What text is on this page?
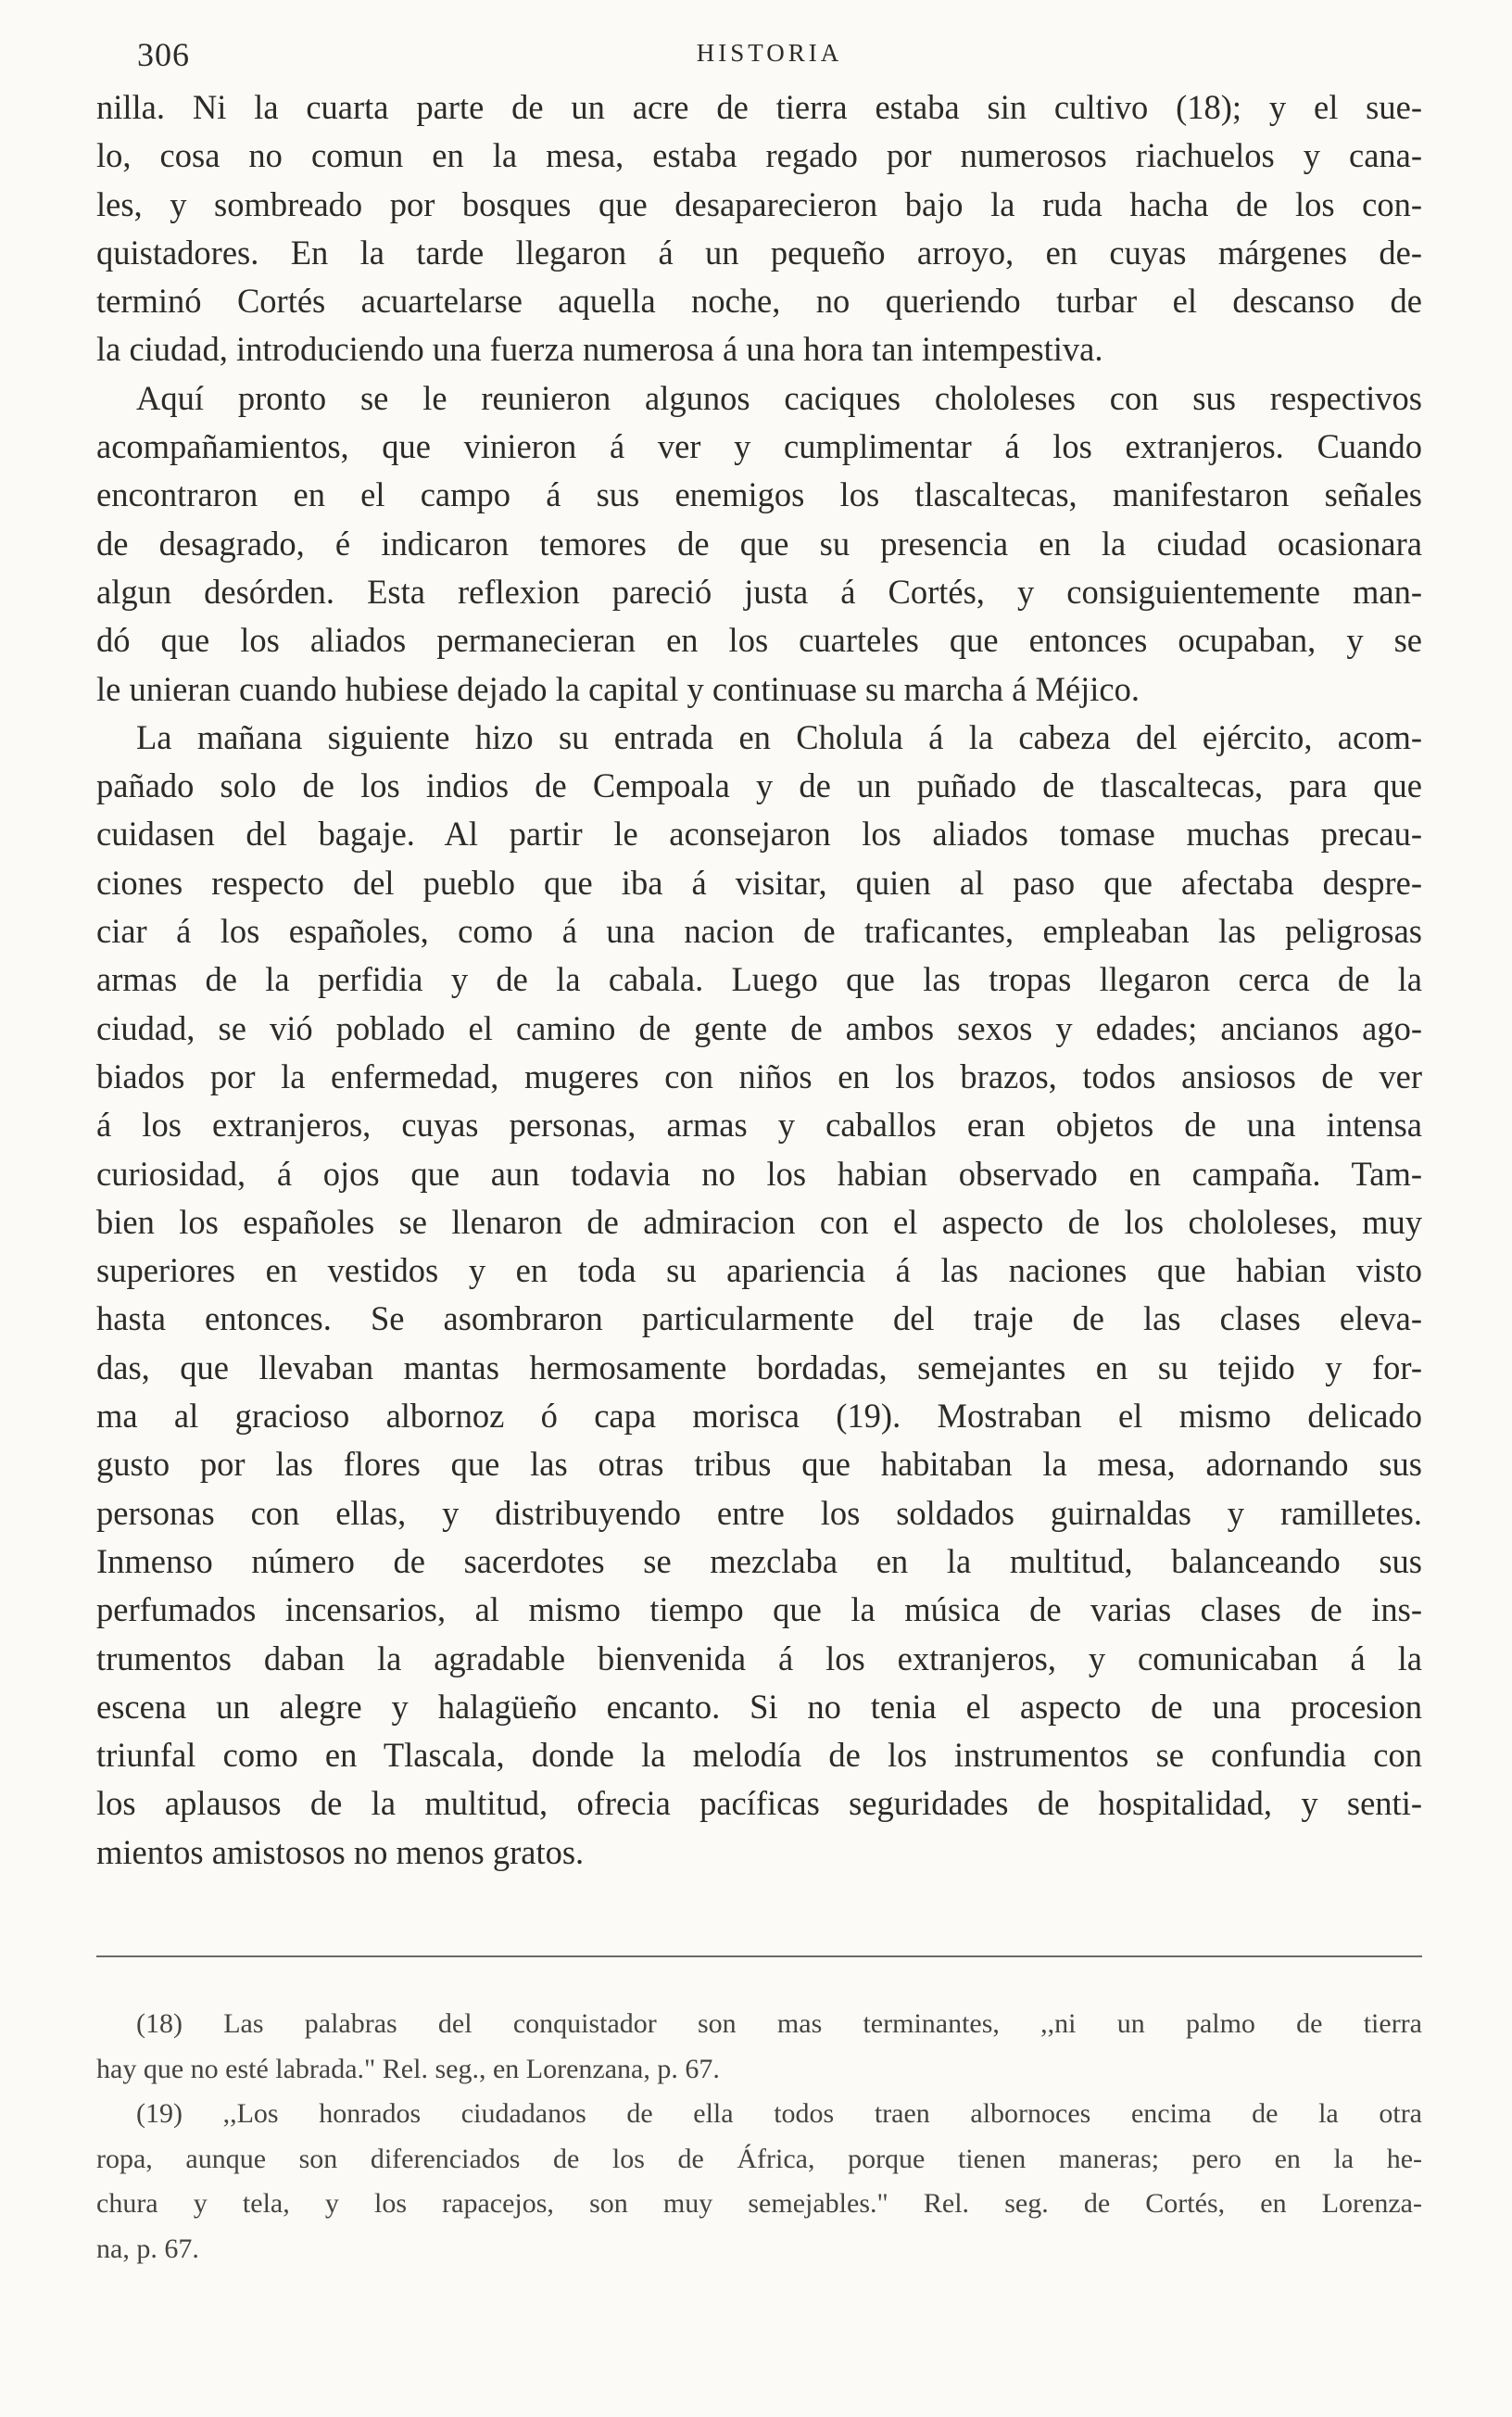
306	HISTORIA
nilla. Ni la cuarta parte de un acre de tierra estaba sin cultivo (18); y el sue-
lo, cosa no comun en la mesa, estaba regado por numerosos riachuelos y cana-
les, y sombreado por bosques que desaparecieron bajo la ruda hacha de los con-
quistadores. En la tarde llegaron á un pequeño arroyo, en cuyas márgenes de-
terminó Cortés acuartelarse aquella noche, no queriendo turbar el descanso de
la ciudad, introduciendo una fuerza numerosa á una hora tan intempestiva.
Aquí pronto se le reunieron algunos caciques chololeses con sus respectivos
acompañamientos, que vinieron á ver y cumplimentar á los extranjeros. Cuando
encontraron en el campo á sus enemigos los tlascaltecas, manifestaron señales
de desagrado, é indicaron temores de que su presencia en la ciudad ocasionara
algun desórden. Esta reflexion pareció justa á Cortés, y consiguientemente man-
dó que los aliados permanecieran en los cuarteles que entonces ocupaban, y se
le unieran cuando hubiese dejado la capital y continuase su marcha á Méjico.
La mañana siguiente hizo su entrada en Cholula á la cabeza del ejército, acom-
pañado solo de los indios de Cempoala y de un puñado de tlascaltecas, para que
cuidasen del bagaje. Al partir le aconsejaron los aliados tomase muchas precau-
ciones respecto del pueblo que iba á visitar, quien al paso que afectaba despre-
ciar á los españoles, como á una nacion de traficantes, empleaban las peligrosas
armas de la perfidia y de la cabala. Luego que las tropas llegaron cerca de la
ciudad, se vió poblado el camino de gente de ambos sexos y edades; ancianos ago-
biados por la enfermedad, mugeres con niños en los brazos, todos ansiosos de ver
á los extranjeros, cuyas personas, armas y caballos eran objetos de una intensa
curiosidad, á ojos que aun todavia no los habian observado en campaña. Tam-
bien los españoles se llenaron de admiracion con el aspecto de los chololeses, muy
superiores en vestidos y en toda su apariencia á las naciones que habian visto
hasta entonces. Se asombraron particularmente del traje de las clases eleva-
das, que llevaban mantas hermosamente bordadas, semejantes en su tejido y for-
ma al gracioso albornoz ó capa morisca (19). Mostraban el mismo delicado
gusto por las flores que las otras tribus que habitaban la mesa, adornando sus
personas con ellas, y distribuyendo entre los soldados guirnaldas y ramilletes.
Inmenso número de sacerdotes se mezclaba en la multitud, balanceando sus
perfumados incensarios, al mismo tiempo que la música de varias clases de ins-
trumentos daban la agradable bienvenida á los extranjeros, y comunicaban á la
escena un alegre y halagüeño encanto. Si no tenia el aspecto de una procesion
triunfal como en Tlascala, donde la melodía de los instrumentos se confundia con
los aplausos de la multitud, ofrecia pacíficas seguridades de hospitalidad, y senti-
mientos amistosos no menos gratos.
(18) Las palabras del conquistador son mas terminantes, ,,ni un palmo de tierra
hay que no esté labrada." Rel. seg., en Lorenzana, p. 67.
(19) ,,Los honrados ciudadanos de ella todos traen albornoces encima de la otra
ropa, aunque son diferenciados de los de África, porque tienen maneras; pero en la he-
chura y tela, y los rapacejos, son muy semejables." Rel. seg. de Cortés, en Lorenza-
na, p. 67.
